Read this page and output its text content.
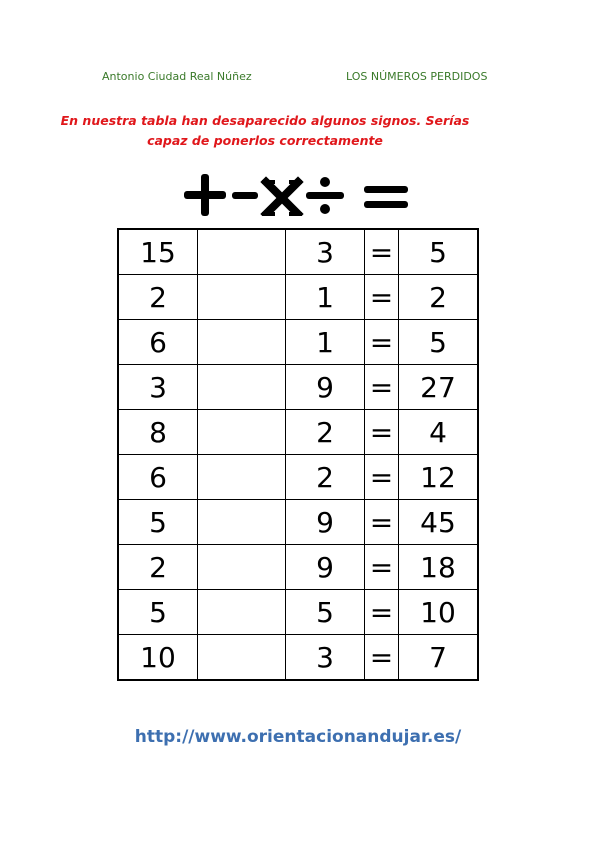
Antonio Ciudad Real Núñez	LOS NÚMEROS PERDIDOS
En nuestra tabla han desaparecido algunos signos. Serías
capaz de ponerlos correctamente
15		3	=	5
2		1	=	2
6		1	=	5
3		9	=	27
8		2	=	4
6		2	=	12
5		9	=	45
2		9	=	18
5		5	=	10
10		3	=	7
http://www.orientacionandujar.es/
